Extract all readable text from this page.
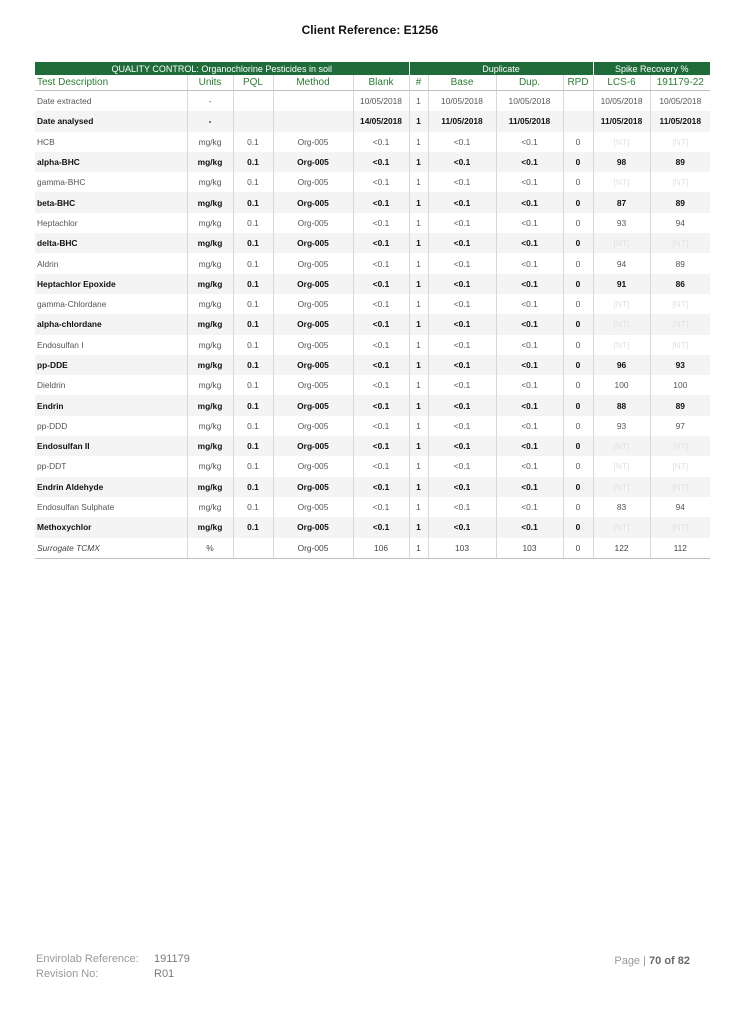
Client Reference: E1256
QUALITY CONTROL: Organochlorine Pesticides in soil					Duplicate				Spike Recovery %	
Test Description	Units	PQL	Method	Blank	#	Base	Dup.	RPD	LCS-6	191179-22
Date extracted	-			10/05/2018	1	10/05/2018	10/05/2018		10/05/2018	10/05/2018
Date analysed	-			14/05/2018	1	11/05/2018	11/05/2018		11/05/2018	11/05/2018
HCB	mg/kg	0.1	Org-005	<0.1	1	<0.1	<0.1	0	[NT]	[NT]
alpha-BHC	mg/kg	0.1	Org-005	<0.1	1	<0.1	<0.1	0	98	89
gamma-BHC	mg/kg	0.1	Org-005	<0.1	1	<0.1	<0.1	0	[NT]	[NT]
beta-BHC	mg/kg	0.1	Org-005	<0.1	1	<0.1	<0.1	0	87	89
Heptachlor	mg/kg	0.1	Org-005	<0.1	1	<0.1	<0.1	0	93	94
delta-BHC	mg/kg	0.1	Org-005	<0.1	1	<0.1	<0.1	0	[NT]	[NT]
Aldrin	mg/kg	0.1	Org-005	<0.1	1	<0.1	<0.1	0	94	89
Heptachlor Epoxide	mg/kg	0.1	Org-005	<0.1	1	<0.1	<0.1	0	91	86
gamma-Chlordane	mg/kg	0.1	Org-005	<0.1	1	<0.1	<0.1	0	[NT]	[NT]
alpha-chlordane	mg/kg	0.1	Org-005	<0.1	1	<0.1	<0.1	0	[NT]	[NT]
Endosulfan I	mg/kg	0.1	Org-005	<0.1	1	<0.1	<0.1	0	[NT]	[NT]
pp-DDE	mg/kg	0.1	Org-005	<0.1	1	<0.1	<0.1	0	96	93
Dieldrin	mg/kg	0.1	Org-005	<0.1	1	<0.1	<0.1	0	100	100
Endrin	mg/kg	0.1	Org-005	<0.1	1	<0.1	<0.1	0	88	89
pp-DDD	mg/kg	0.1	Org-005	<0.1	1	<0.1	<0.1	0	93	97
Endosulfan II	mg/kg	0.1	Org-005	<0.1	1	<0.1	<0.1	0	[NT]	[NT]
pp-DDT	mg/kg	0.1	Org-005	<0.1	1	<0.1	<0.1	0	[NT]	[NT]
Endrin Aldehyde	mg/kg	0.1	Org-005	<0.1	1	<0.1	<0.1	0	[NT]	[NT]
Endosulfan Sulphate	mg/kg	0.1	Org-005	<0.1	1	<0.1	<0.1	0	83	94
Methoxychlor	mg/kg	0.1	Org-005	<0.1	1	<0.1	<0.1	0	[NT]	[NT]
Surrogate TCMX	%		Org-005	106	1	103	103	0	122	112
Envirolab Reference:	191179
Revision No:	R01
Page | 70 of 82
